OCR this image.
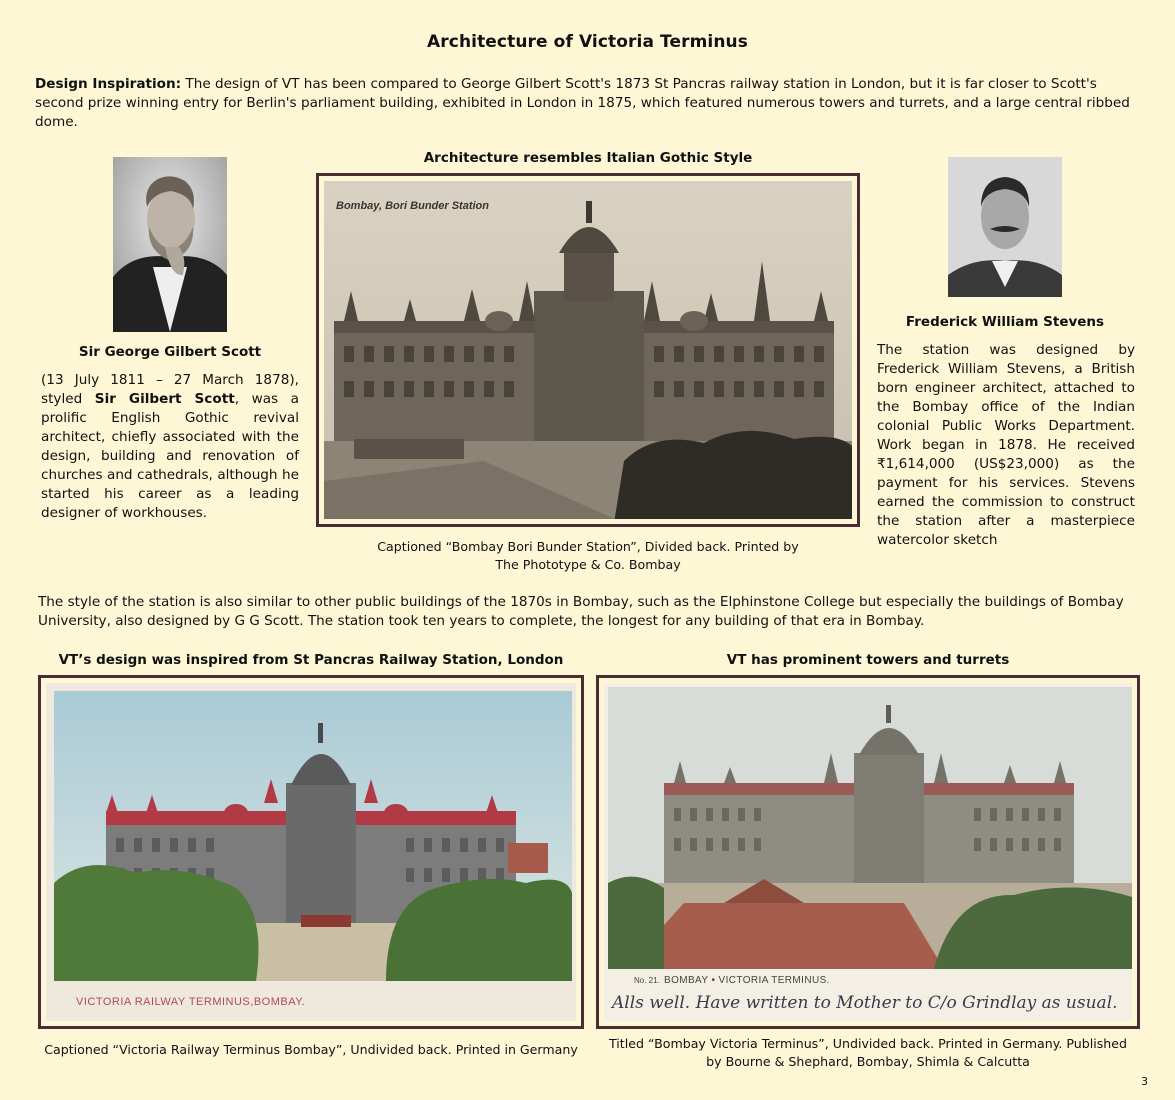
Architecture of Victoria Terminus
Design Inspiration: The design of VT has been compared to George Gilbert Scott's 1873 St Pancras railway station in London, but it is far closer to Scott's second prize winning entry for Berlin's parliament building, exhibited in London in 1875, which featured numerous towers and turrets, and a large central ribbed dome.
Sir George Gilbert Scott
(13 July 1811 – 27 March 1878), styled Sir Gilbert Scott, was a prolific English Gothic revival architect, chiefly associated with the design, building and renovation of churches and cathedrals, although he started his career as a leading designer of workhouses.
Architecture resembles Italian Gothic Style
Bombay, Bori Bunder Station
Captioned “Bombay Bori Bunder Station”, Divided back. Printed by
The Phototype & Co. Bombay
Frederick William Stevens
The station was designed by Frederick William Stevens, a British born engineer architect, attached to the Bombay office of the Indian colonial Public Works Department. Work began in 1878. He received ₹1,614,000 (US$23,000) as the payment for his services. Stevens earned the commission to construct the station after a masterpiece watercolor sketch
The style of the station is also similar to other public buildings of the 1870s in Bombay, such as the Elphinstone College but especially the buildings of Bombay University, also designed by G G Scott. The station took ten years to complete, the longest for any building of that era in Bombay.
VT’s design was inspired from St Pancras Railway Station, London
VICTORIA RAILWAY TERMINUS,BOMBAY.
Captioned “Victoria Railway Terminus Bombay”, Undivided back. Printed in Germany
VT has prominent towers and turrets
No. 21. BOMBAY • VICTORIA TERMINUS.
Alls well. Have written to Mother to C/o Grindlay as usual.
Titled “Bombay Victoria Terminus”, Undivided back. Printed in Germany. Published
by Bourne & Shephard, Bombay, Shimla & Calcutta
3
